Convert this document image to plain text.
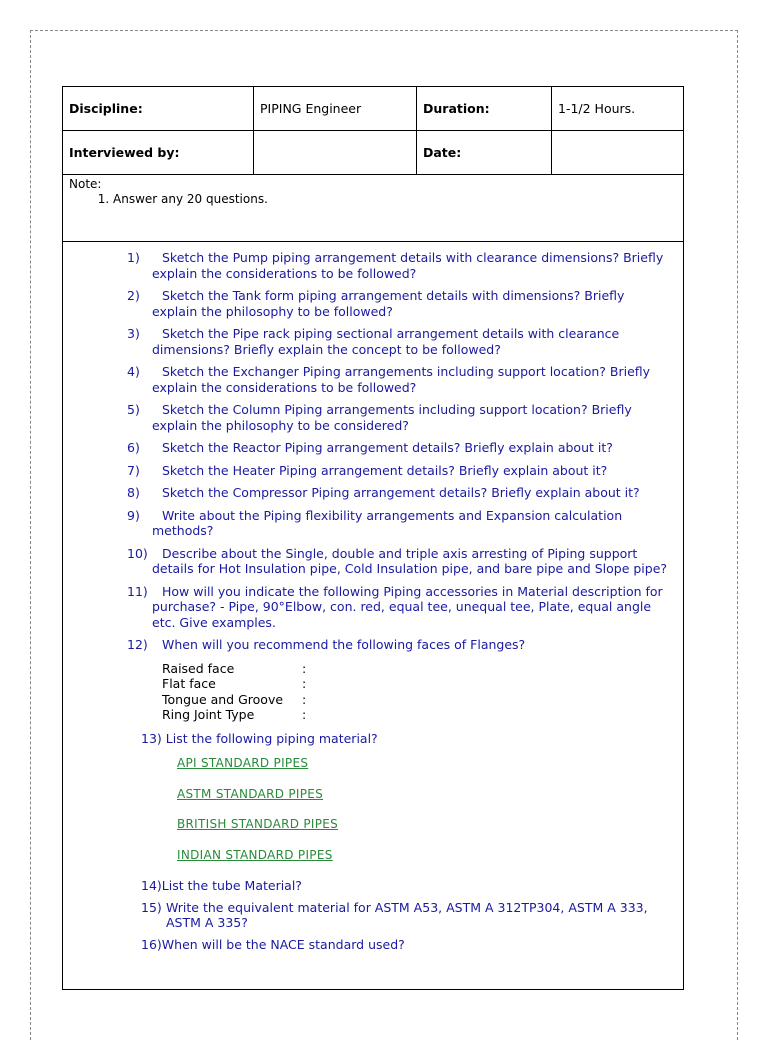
Discipline:	PIPING Engineer	Duration:	1-1/2 Hours.
Interviewed by:		Date:	
Note:
1. Answer any 20 questions.
1)	Sketch the Pump piping arrangement details with clearance dimensions? Briefly explain the considerations to be followed?
2)	Sketch the Tank form piping arrangement details with dimensions? Briefly explain the philosophy to be followed?
3)	Sketch the Pipe rack piping sectional arrangement details with clearance dimensions? Briefly explain the concept to be followed?
4)	Sketch the Exchanger Piping arrangements including support location? Briefly explain the considerations to be followed?
5)	Sketch the Column Piping arrangements including support location? Briefly explain the philosophy to be considered?
6)	Sketch the Reactor Piping arrangement details? Briefly explain about it?
7)	Sketch the Heater Piping arrangement details? Briefly explain about it?
8)	Sketch the Compressor Piping arrangement details? Briefly explain about it?
9)	Write about the Piping flexibility arrangements and Expansion calculation methods?
10)	Describe about the Single, double and triple axis arresting of Piping support details for Hot Insulation pipe, Cold Insulation pipe, and bare pipe and Slope pipe?
11)	How will you indicate the following Piping accessories in Material description for purchase? - Pipe, 90°Elbow, con. red, equal tee, unequal tee, Plate, equal angle etc. Give examples.
12)	When will you recommend the following faces of Flanges?
Raised face	:
Flat face	:
Tongue and Groove	:
Ring Joint Type	:
13) List the following piping material?
API STANDARD PIPES
ASTM STANDARD PIPES
BRITISH STANDARD PIPES
INDIAN STANDARD PIPES
14) List the tube Material?
15) Write the equivalent material for ASTM A53, ASTM A 312TP304, ASTM A 333, ASTM A 335?
16) When will be the NACE standard used?
